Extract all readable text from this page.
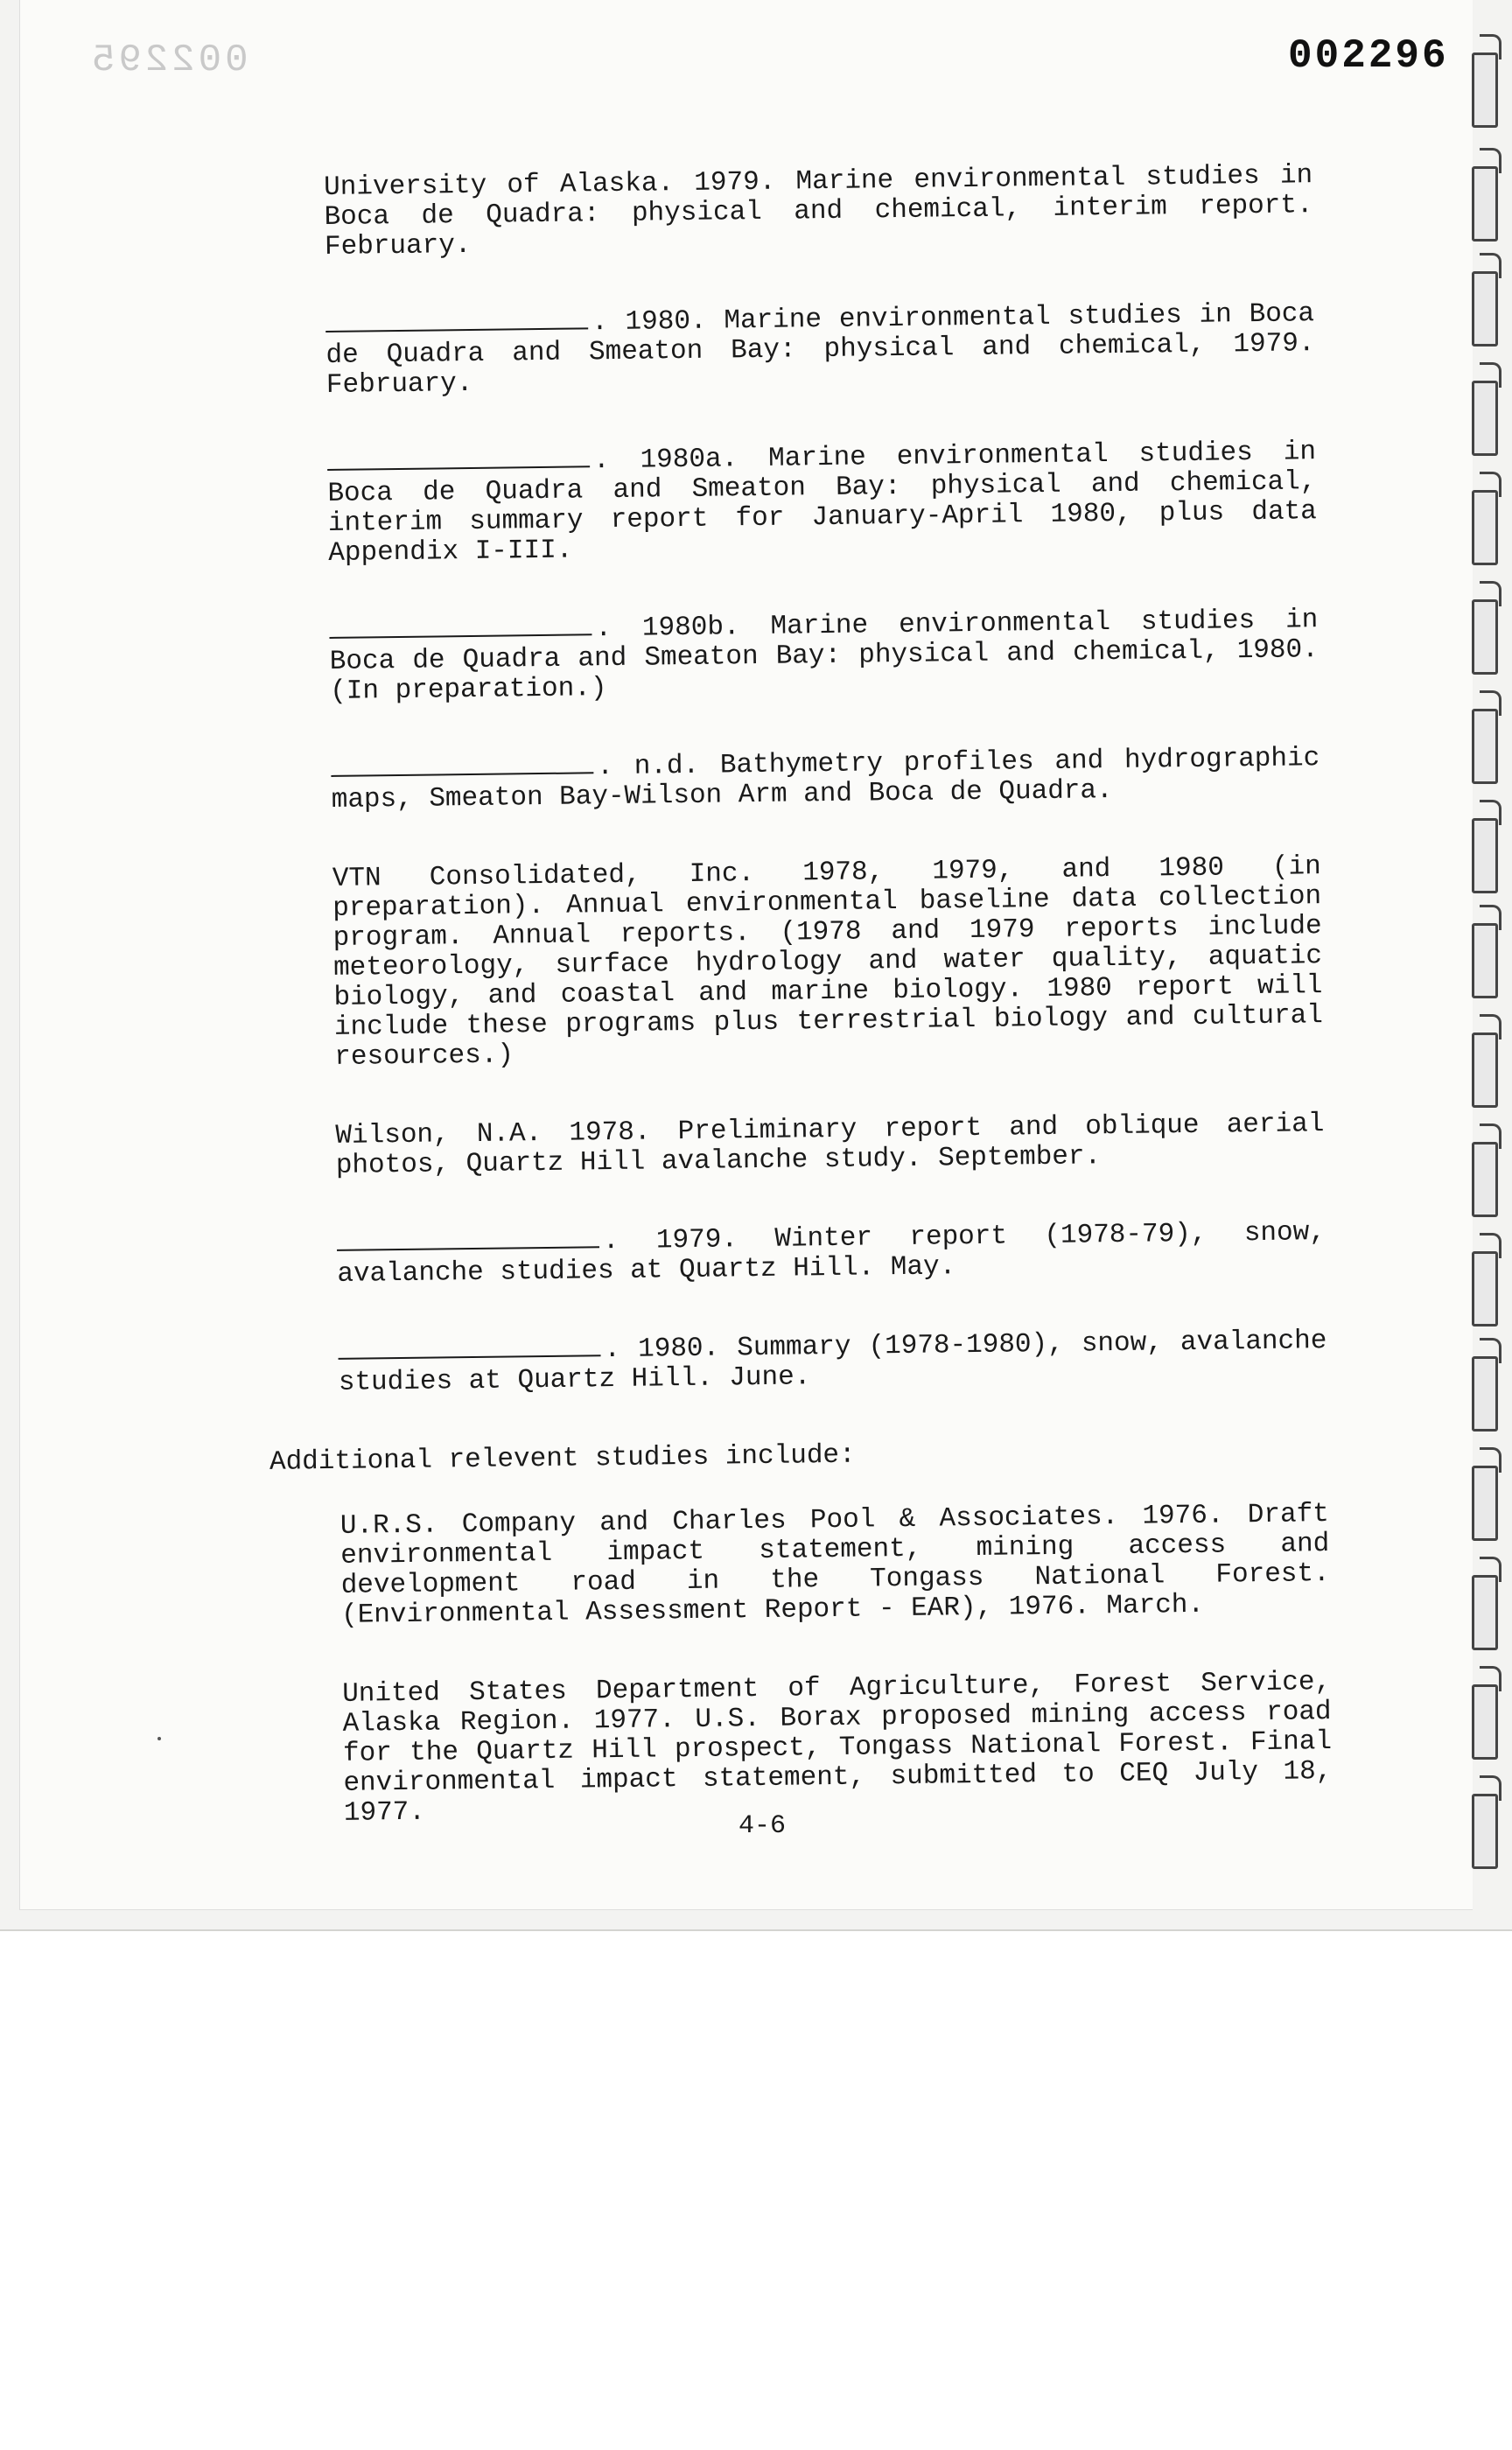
002295	002296

University of Alaska. 1979. Marine environmental studies in Boca de Quadra: physical and chemical, interim report. February.

. 1980. Marine environmental studies in Boca de Quadra and Smeaton Bay: physical and chemical, 1979. February.

. 1980a. Marine environmental studies in Boca de Quadra and Smeaton Bay: physical and chemical, interim summary report for January-April 1980, plus data Appendix I-III.

. 1980b. Marine environmental studies in Boca de Quadra and Smeaton Bay: physical and chemical, 1980. (In preparation.)

. n.d. Bathymetry profiles and hydrographic maps, Smeaton Bay-Wilson Arm and Boca de Quadra.

VTN Consolidated, Inc. 1978, 1979, and 1980 (in preparation). Annual environmental baseline data collection program. Annual reports. (1978 and 1979 reports include meteorology, surface hydrology and water quality, aquatic biology, and coastal and marine biology. 1980 report will include these programs plus terrestrial biology and cultural resources.)

Wilson, N.A. 1978. Preliminary report and oblique aerial photos, Quartz Hill avalanche study. September.

. 1979. Winter report (1978-79), snow, avalanche studies at Quartz Hill. May.

. 1980. Summary (1978-1980), snow, avalanche studies at Quartz Hill. June.

Additional relevent studies include:

U.R.S. Company and Charles Pool & Associates. 1976. Draft environmental impact statement, mining access and development road in the Tongass National Forest. (Environmental Assessment Report - EAR), 1976. March.

United States Department of Agriculture, Forest Service, Alaska Region. 1977. U.S. Borax proposed mining access road for the Quartz Hill prospect, Tongass National Forest. Final environmental impact statement, submitted to CEQ July 18, 1977.	4-6
